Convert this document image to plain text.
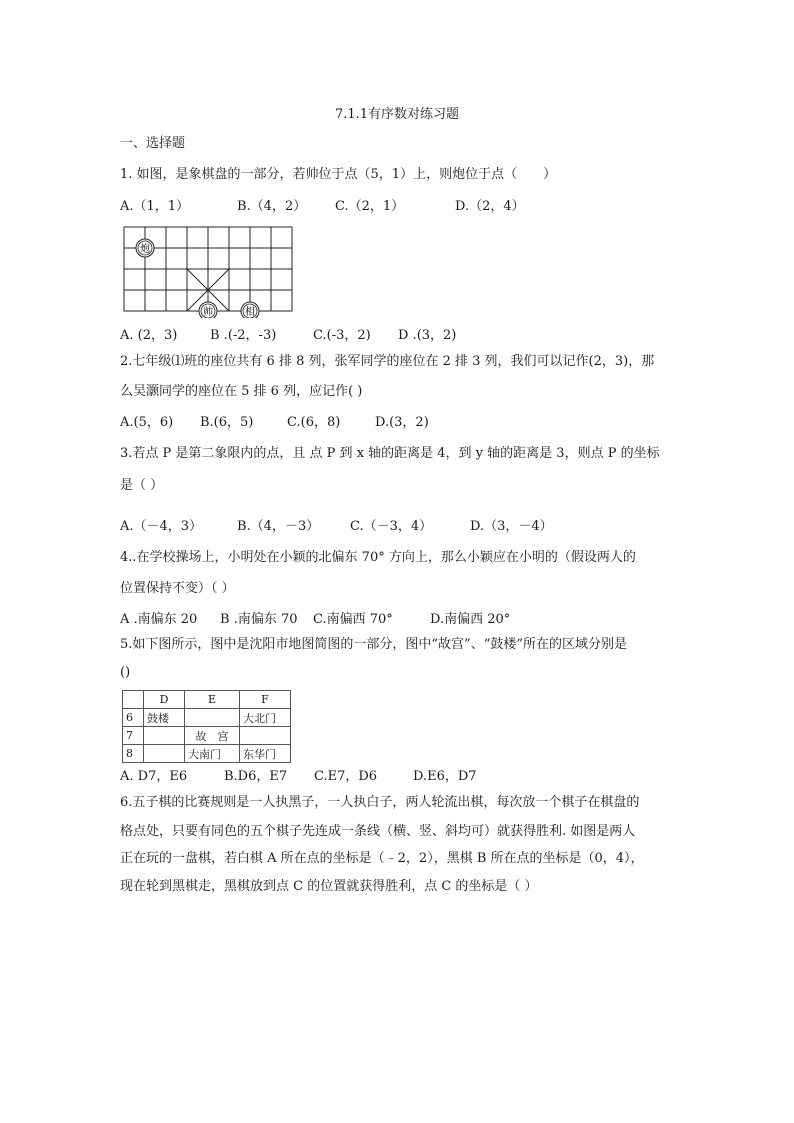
7.1.1有序数对练习题
一、选择题
1. 如图，是象棋盘的一部分，若帅位于点（5，1）上，则炮位于点（　　）
A.（1，1）	B.（4，2） C.（2，1）	D.（2，4）
炮
帅	相
A. (2，3)	B .(-2，-3)	C.(-3，2) D .(3，2)
2.七年级⑴班的座位共有 6 排 8 列，张军同学的座位在 2 排 3 列，我们可以记作(2，3)，那
么吴灏同学的座位在 5 排 6 列，应记作( )
A.(5，6) B.(6，5)	C.(6，8)	D.(3，2)
3.若点 P 是第二象限内的点，且 点 P 到 x 轴的距离是 4，到 y 轴的距离是 3，则点 P 的坐标
是（ ）
A.（－4，3）	B.（4，－3） C.（－3，4）	D.（3，－4）
4..在学校操场上，小明处在小颖的北偏东 70° 方向上，那么小颖应在小明的（假设两人的
位置保持不变）（ ）
A .南偏东 20 B .南偏东 70 C.南偏西 70°	D.南偏西 20°
5.如下图所示，图中是沈阳市地图简图的一部分，图中“故宫”、“鼓楼”所在的区域分别是
()
	D	E	F
6	鼓楼		大北门
7		故　宫	
8		大南门	东华门
A. D7，E6	B.D6，E7 C.E7，D6	D.E6，D7
6.五子棋的比赛规则是一人执黑子，一人执白子，两人轮流出棋，每次放一个棋子在棋盘的
格点处，只要有同色的五个棋子先连成一条线（横、竖、斜均可）就获得胜利. 如图是两人
正在玩的一盘棋，若白棋 A 所在点的坐标是（﹣2，2），黑棋 B 所在点的坐标是（0，4），
现在轮到黑棋走，黑棋放到点 C 的位置就获得胜利，点 C 的坐标是（ ）
